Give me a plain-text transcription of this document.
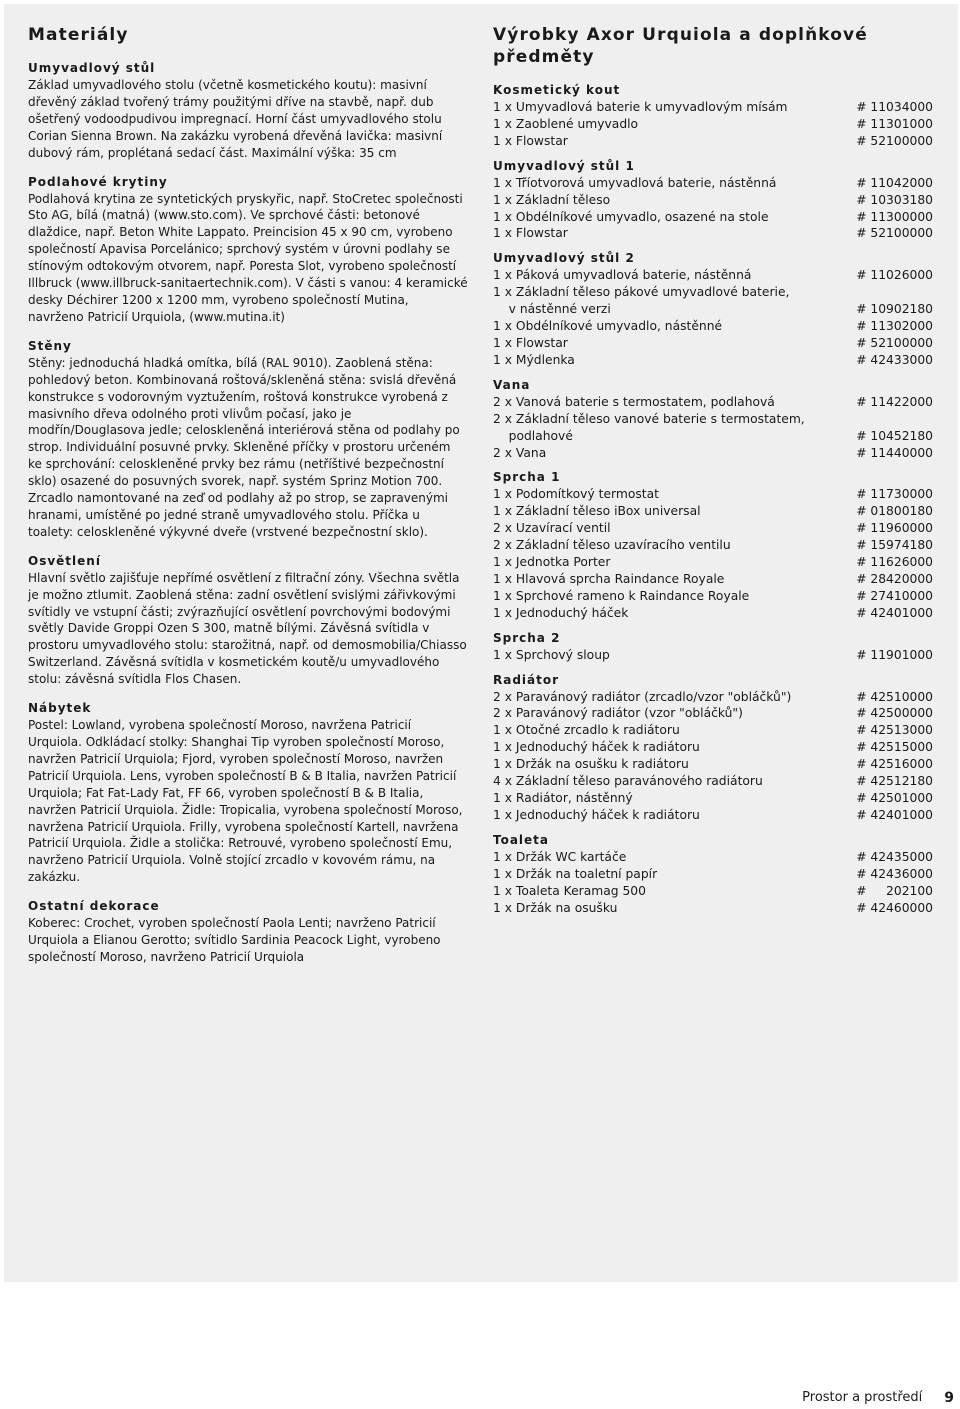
Materiály
Umyvadlový stůl

Základ umyvadlového stolu (včetně kosmetického koutu): masivní dřevěný základ tvořený trámy použitými dříve na stavbě, např. dub ošetřený vodoodpudivou impregnací. Horní část umyvadlového stolu Corian Sienna Brown. Na zakázku vyrobená dřevěná lavička: masivní dubový rám, proplétaná sedací část. Maximální výška: 35 cm

Podlahové krytiny

Podlahová krytina ze syntetických pryskyřic, např. StoCretec společnosti Sto AG, bílá (matná) (www.sto.com). Ve sprchové části: betonové dlaždice, např. Beton White Lappato. Preincision 45 x 90 cm, vyrobeno společností Apavisa Porcelánico; sprchový systém v úrovni podlahy se stínovým odtokovým otvorem, např. Poresta Slot, vyrobeno společností Illbruck (www.illbruck-sanitaertechnik.com). V části s vanou: 4 keramické desky Déchirer 1200 x 1200 mm, vyrobeno společností Mutina, navrženo Patricií Urquiola, (www.mutina.it)

Stěny

Stěny: jednoduchá hladká omítka, bílá (RAL 9010). Zaoblená stěna: pohledový beton. Kombinovaná roštová/skleněná stěna: svislá dřevěná konstrukce s vodorovným vyztužením, roštová konstrukce vyrobená z masivního dřeva odolného proti vlivům počasí, jako je modřín/Douglasova jedle; celoskleněná interiérová stěna od podlahy po strop. Individuální posuvné prvky. Skleněné příčky v prostoru určeném ke sprchování: celoskleněné prvky bez rámu (netříštivé bezpečnostní sklo) osazené do posuvných svorek, např. systém Sprinz Motion 700. Zrcadlo namontované na zeď od podlahy až po strop, se zapravenými hranami, umístěné po jedné straně umyvadlového stolu. Příčka u toalety: celoskleněné výkyvné dveře (vrstvené bezpečnostní sklo).

Osvětlení

Hlavní světlo zajišťuje nepřímé osvětlení z filtrační zóny. Všechna světla je možno ztlumit. Zaoblená stěna: zadní osvětlení svislými zářivkovými svítidly ve vstupní části; zvýrazňující osvětlení povrchovými bodovými světly Davide Groppi Ozen S 300, matně bílými. Závěsná svítidla v prostoru umyvadlového stolu: starožitná, např. od demosmobilia/Chiasso Switzerland. Závěsná svítidla v kosmetickém koutě/u umyvadlového stolu: závěsná svítidla Flos Chasen.

Nábytek

Postel: Lowland, vyrobena společností Moroso, navržena Patricií Urquiola. Odkládací stolky: Shanghai Tip vyroben společností Moroso, navržen Patricií Urquiola; Fjord, vyroben společností Moroso, navržen Patricií Urquiola. Lens, vyroben společností B & B Italia, navržen Patricií Urquiola; Fat Fat-Lady Fat, FF 66, vyroben společností B & B Italia, navržen Patricií Urquiola. Židle: Tropicalia, vyrobena společností Moroso, navržena Patricií Urquiola. Frilly, vyrobena společností Kartell, navržena Patricií Urquiola. Židle a stolička: Retrouvé, vyrobeno společností Emu, navrženo Patricií Urquiola. Volně stojící zrcadlo v kovovém rámu, na zakázku.

Ostatní dekorace

Koberec: Crochet, vyroben společností Paola Lenti; navrženo Patricií Urquiola a Elianou Gerotto; svítidlo Sardinia Peacock Light, vyrobeno společností Moroso, navrženo Patricií Urquiola

Výrobky Axor Urquiola a doplňkové předměty
Kosmetický kout
1 x Umyvadlová baterie k umyvadlovým mísám	# 11034000
1 x Zaoblené umyvadlo	# 11301000
1 x Flowstar	# 52100000
Umyvadlový stůl 1
1 x Tříotvorová umyvadlová baterie, nástěnná	# 11042000
1 x Základní těleso	# 10303180
1 x Obdélníkové umyvadlo, osazené na stole	# 11300000
1 x Flowstar	# 52100000
Umyvadlový stůl 2
1 x Páková umyvadlová baterie, nástěnná	# 11026000
1 x Základní těleso pákové umyvadlové baterie,
v nástěnné verzi	# 10902180
1 x Obdélníkové umyvadlo, nástěnné	# 11302000
1 x Flowstar	# 52100000
1 x Mýdlenka	# 42433000
Vana
2 x Vanová baterie s termostatem, podlahová	# 11422000
2 x Základní těleso vanové baterie s termostatem,
podlahové	# 10452180
2 x Vana	# 11440000
Sprcha 1
1 x Podomítkový termostat	# 11730000
1 x Základní těleso iBox universal	# 01800180
2 x Uzavírací ventil	# 11960000
2 x Základní těleso uzavíracího ventilu	# 15974180
1 x Jednotka Porter	# 11626000
1 x Hlavová sprcha Raindance Royale	# 28420000
1 x Sprchové rameno k Raindance Royale	# 27410000
1 x Jednoduchý háček	# 42401000
Sprcha 2
1 x Sprchový sloup	# 11901000
Radiátor
2 x Paravánový radiátor (zrcadlo/vzor "obláčků")	# 42510000
2 x Paravánový radiátor (vzor "obláčků")	# 42500000
1 x Otočné zrcadlo k radiátoru	# 42513000
1 x Jednoduchý háček k radiátoru	# 42515000
1 x Držák na osušku k radiátoru	# 42516000
4 x Základní těleso paravánového radiátoru	# 42512180
1 x Radiátor, nástěnný	# 42501000
1 x Jednoduchý háček k radiátoru	# 42401000
Toaleta
1 x Držák WC kartáče	# 42435000
1 x Držák na toaletní papír	# 42436000
1 x Toaleta Keramag 500	#     202100
1 x Držák na osušku	# 42460000
Prostor a prostředí 9
